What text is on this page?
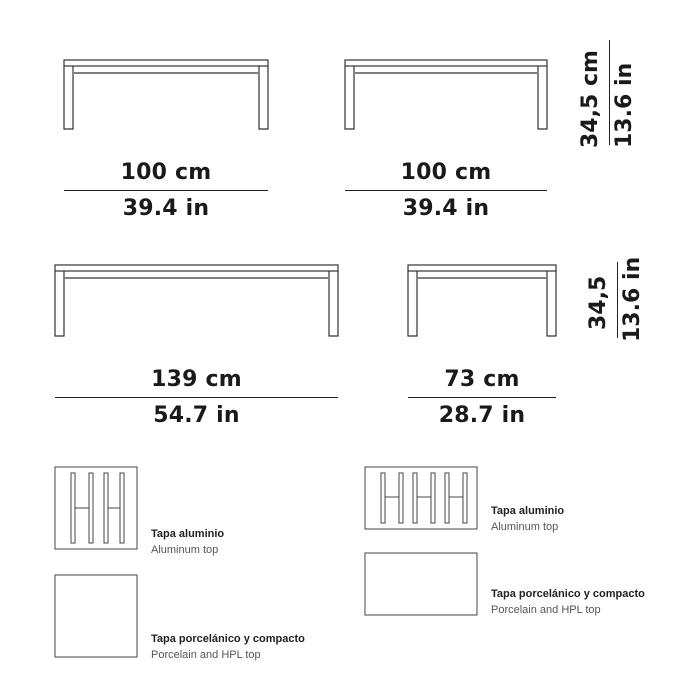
100 cm
39.4 in
100 cm
39.4 in
34,5 cm 13.6 in
139 cm
54.7 in
73 cm
28.7 in
34,5 13.6 in
Tapa aluminio
Aluminum top
Tapa porcelánico y compacto
Porcelain and HPL top
Tapa aluminio
Aluminum top
Tapa porcelánico y compacto
Porcelain and HPL top
